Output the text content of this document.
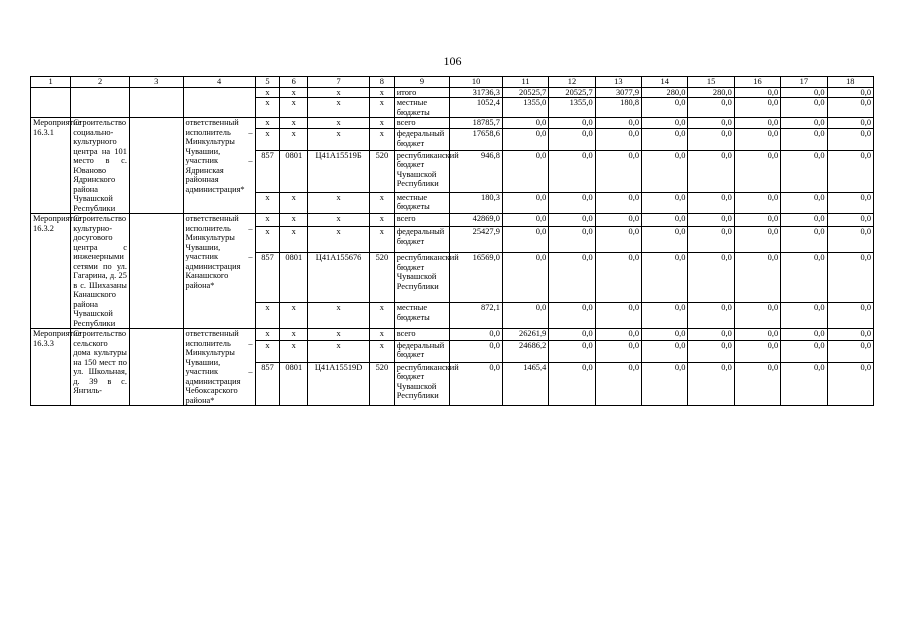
106
1	2	3	4	5	6	7	8	9	10	11	12	13	14	15	16	17	18
				х	х	х	х	итого	31736,3	20525,7	20525,7	3077,9	280,0	280,0	0,0	0,0	0,0
				х	х	х	х	местные бюджеты	1052,4	1355,0	1355,0	180,8	0,0	0,0	0,0	0,0	0,0
Мероприятие 16.3.1	Строительство социально-культурного центра на 101 место в с. Юваново Ядринского района Чувашской Республики		ответственный исполнитель – Минкультуры Чувашии, участник – Ядринская районная администрация*	х	х	х	х	всего	18785,7	0,0	0,0	0,0	0,0	0,0	0,0	0,0	0,0
				х	х	х	х	федеральный бюджет	17658,6	0,0	0,0	0,0	0,0	0,0	0,0	0,0	0,0
				857	0801	Ц41А15519Б	520	республиканский бюджет Чувашской Республики	946,8	0,0	0,0	0,0	0,0	0,0	0,0	0,0	0,0
				х	х	х	х	местные бюджеты	180,3	0,0	0,0	0,0	0,0	0,0	0,0	0,0	0,0
Мероприятие 16.3.2	Строительство культурно-досугового центра с инженерными сетями по ул. Гагарина, д. 25 в с. Шихазаны Канашского района Чувашской Республики		ответственный исполнитель – Минкультуры Чувашии, участник – администрация Канашского района*	х	х	х	х	всего	42869,0	0,0	0,0	0,0	0,0	0,0	0,0	0,0	0,0
				х	х	х	х	федеральный бюджет	25427,9	0,0	0,0	0,0	0,0	0,0	0,0	0,0	0,0
				857	0801	Ц41А155676	520	республиканский бюджет Чувашской Республики	16569,0	0,0	0,0	0,0	0,0	0,0	0,0	0,0	0,0
				х	х	х	х	местные бюджеты	872,1	0,0	0,0	0,0	0,0	0,0	0,0	0,0	0,0
Мероприятие 16.3.3	Строительство сельского дома культуры на 150 мест по ул. Школьная, д. 39 в с. Янгиль-		ответственный исполнитель – Минкультуры Чувашии, участник – администрация Чебоксарского района*	х	х	х	х	всего	0,0	26261,9	0,0	0,0	0,0	0,0	0,0	0,0	0,0
				х	х	х	х	федеральный бюджет	0,0	24686,2	0,0	0,0	0,0	0,0	0,0	0,0	0,0
				857	0801	Ц41А15519D	520	республиканский бюджет Чувашской Республики	0,0	1465,4	0,0	0,0	0,0	0,0	0,0	0,0	0,0
